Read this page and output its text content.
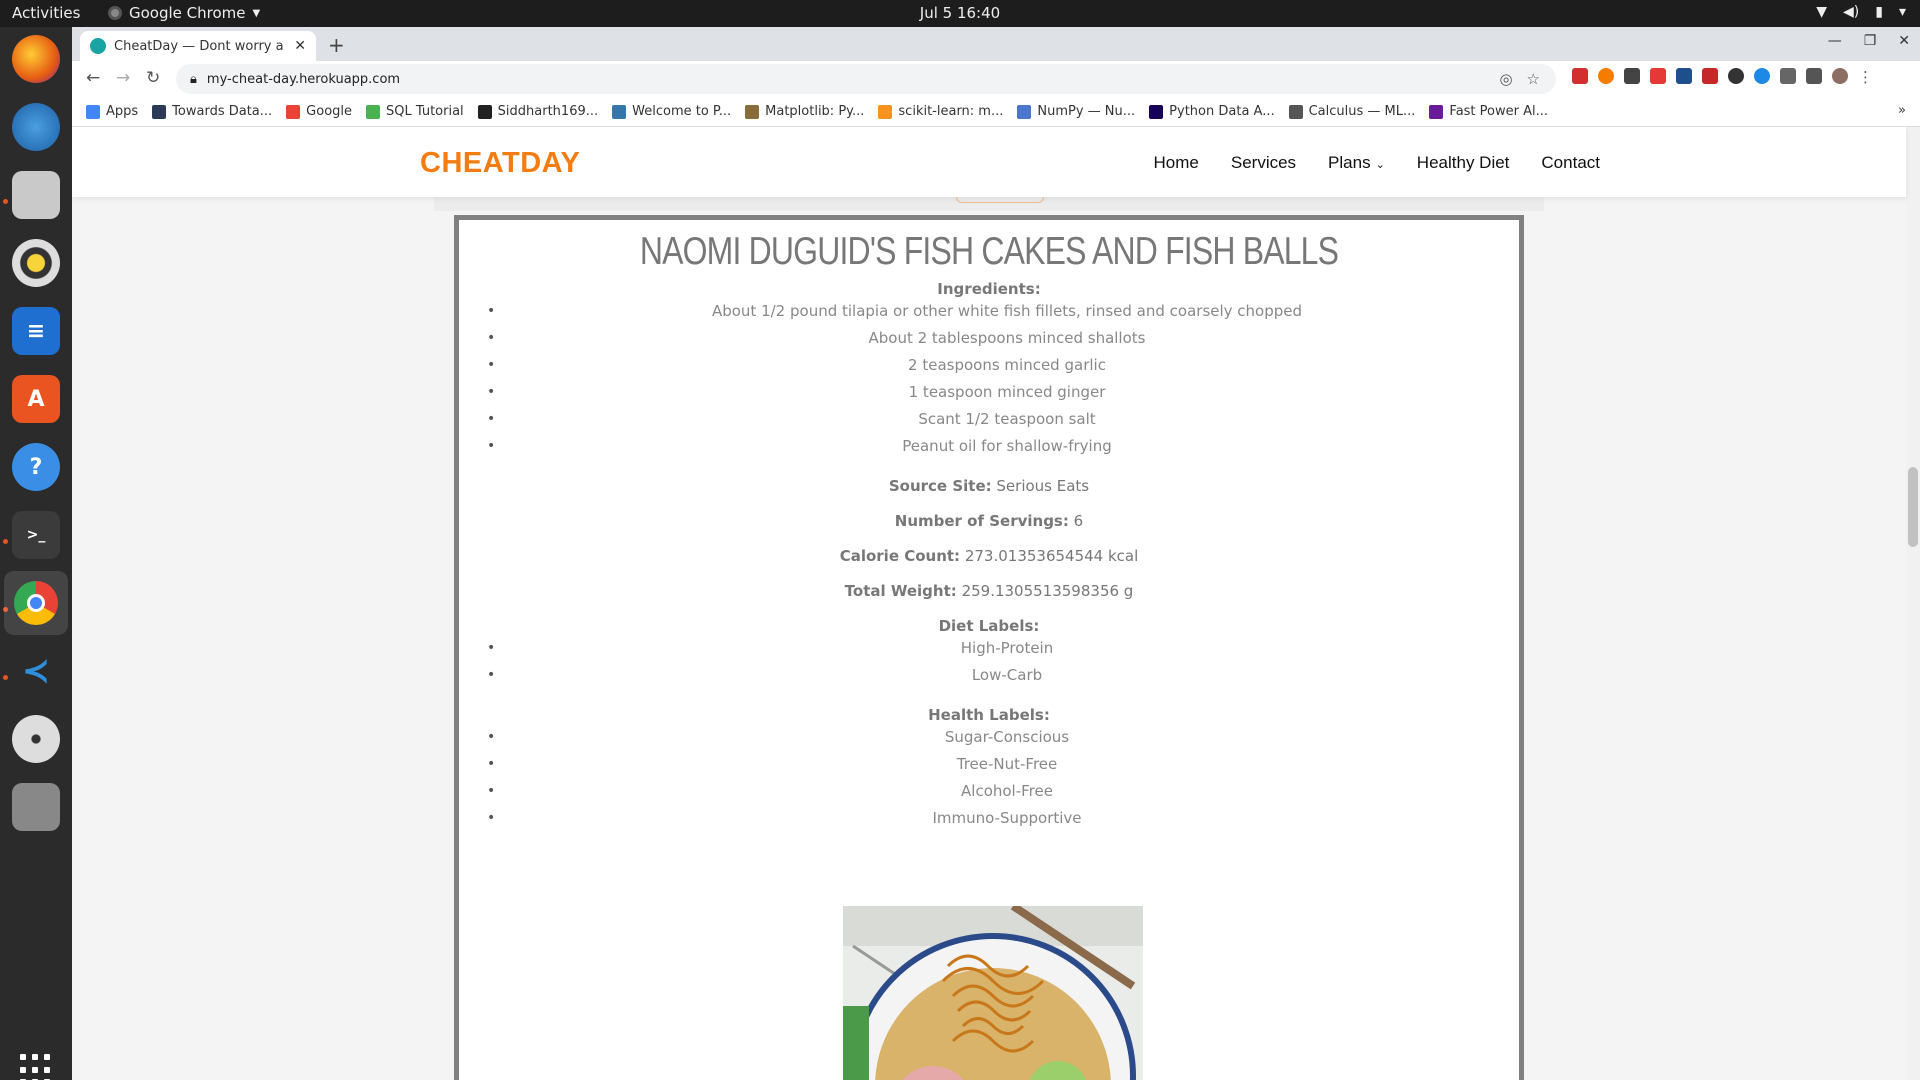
Activities	Google Chrome ▼	Jul 5 16:40	▼ ◀) ▮ ▾
≡
A
?
>_
≺
CheatDay — Dont worry a ✕ +	— ❐ ✕
← → ↻ 🔒︎ my-cheat-day.herokuapp.com	◎ ☆	⋮
Apps	Towards Data...	Google	SQL Tutorial	Siddharth169...	Welcome to P...	Matplotlib: Py...	scikit-learn: m...	NumPy — Nu...	Python Data A...	Calculus — ML...	Fast Power Al...	»
CHEATDAY	Home Services Plans ⌄ Healthy Diet Contact
NAOMI DUGUID'S FISH CAKES AND FISH BALLS
Ingredients:
• About 1/2 pound tilapia or other white fish fillets, rinsed and coarsely chopped
• About 2 tablespoons minced shallots
• 2 teaspoons minced garlic
• 1 teaspoon minced ginger
• Scant 1/2 teaspoon salt
• Peanut oil for shallow-frying
Source Site: Serious Eats
Number of Servings: 6
Calorie Count: 273.01353654544 kcal
Total Weight: 259.1305513598356 g
Diet Labels:
• High-Protein
• Low-Carb
Health Labels:
• Sugar-Conscious
• Tree-Nut-Free
• Alcohol-Free
• Immuno-Supportive
